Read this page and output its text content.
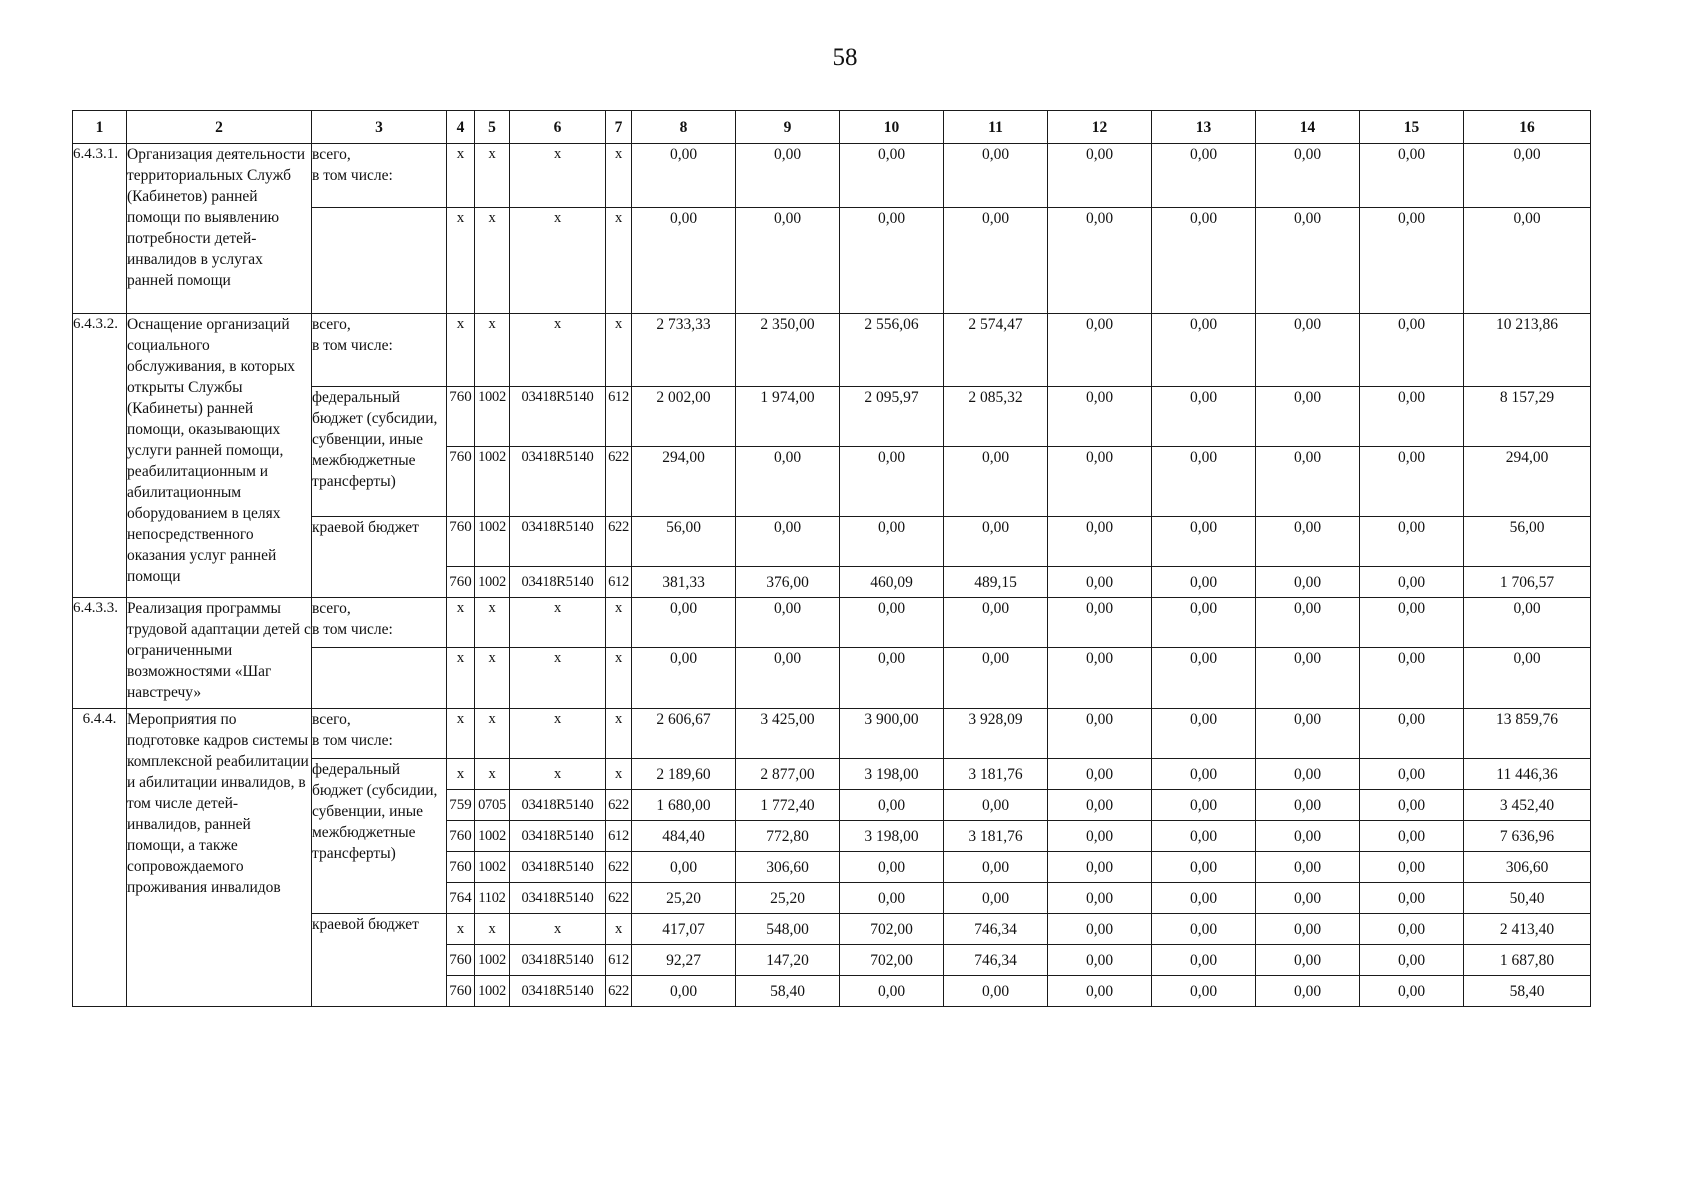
58
1	2	3	4	5	6	7	8	9	10	11	12	13	14	15	16
6.4.3.1.	Организация деятельности территориальных Служб (Кабинетов) ранней помощи по выявлению потребности детей-инвалидов в услугах ранней помощи	всего,
в том числе:	x	x	x	x	0,00	0,00	0,00	0,00	0,00	0,00	0,00	0,00	0,00
			x	x	x	x	0,00	0,00	0,00	0,00	0,00	0,00	0,00	0,00	0,00
6.4.3.2.	Оснащение организаций социального обслуживания, в которых открыты Службы (Кабинеты) ранней помощи, оказывающих услуги ранней помощи, реабилитационным и абилитационным оборудованием в целях непосредственного оказания услуг ранней помощи	всего,
в том числе:	x	x	x	x	2 733,33	2 350,00	2 556,06	2 574,47	0,00	0,00	0,00	0,00	10 213,86
		федеральный бюджет (субсидии, субвенции, иные межбюджетные трансферты)	760	1002	03418R5140	612	2 002,00	1 974,00	2 095,97	2 085,32	0,00	0,00	0,00	0,00	8 157,29
			760	1002	03418R5140	622	294,00	0,00	0,00	0,00	0,00	0,00	0,00	0,00	294,00
		краевой бюджет	760	1002	03418R5140	622	56,00	0,00	0,00	0,00	0,00	0,00	0,00	0,00	56,00
			760	1002	03418R5140	612	381,33	376,00	460,09	489,15	0,00	0,00	0,00	0,00	1 706,57
6.4.3.3.	Реализация программы трудовой адаптации детей с ограниченными возможностями «Шаг навстречу»	всего,
в том числе:	x	x	x	x	0,00	0,00	0,00	0,00	0,00	0,00	0,00	0,00	0,00
			x	x	x	x	0,00	0,00	0,00	0,00	0,00	0,00	0,00	0,00	0,00
6.4.4.	Мероприятия по подготовке кадров системы комплексной реабилитации и абилитации инвалидов, в том числе детей-инвалидов, ранней помощи, а также сопровождаемого проживания инвалидов	всего,
в том числе:	x	x	x	x	2 606,67	3 425,00	3 900,00	3 928,09	0,00	0,00	0,00	0,00	13 859,76
		федеральный бюджет (субсидии, субвенции, иные межбюджетные трансферты)	x	x	x	x	2 189,60	2 877,00	3 198,00	3 181,76	0,00	0,00	0,00	0,00	11 446,36
			759	0705	03418R5140	622	1 680,00	1 772,40	0,00	0,00	0,00	0,00	0,00	0,00	3 452,40
			760	1002	03418R5140	612	484,40	772,80	3 198,00	3 181,76	0,00	0,00	0,00	0,00	7 636,96
			760	1002	03418R5140	622	0,00	306,60	0,00	0,00	0,00	0,00	0,00	0,00	306,60
			764	1102	03418R5140	622	25,20	25,20	0,00	0,00	0,00	0,00	0,00	0,00	50,40
		краевой бюджет	x	x	x	x	417,07	548,00	702,00	746,34	0,00	0,00	0,00	0,00	2 413,40
			760	1002	03418R5140	612	92,27	147,20	702,00	746,34	0,00	0,00	0,00	0,00	1 687,80
			760	1002	03418R5140	622	0,00	58,40	0,00	0,00	0,00	0,00	0,00	0,00	58,40
